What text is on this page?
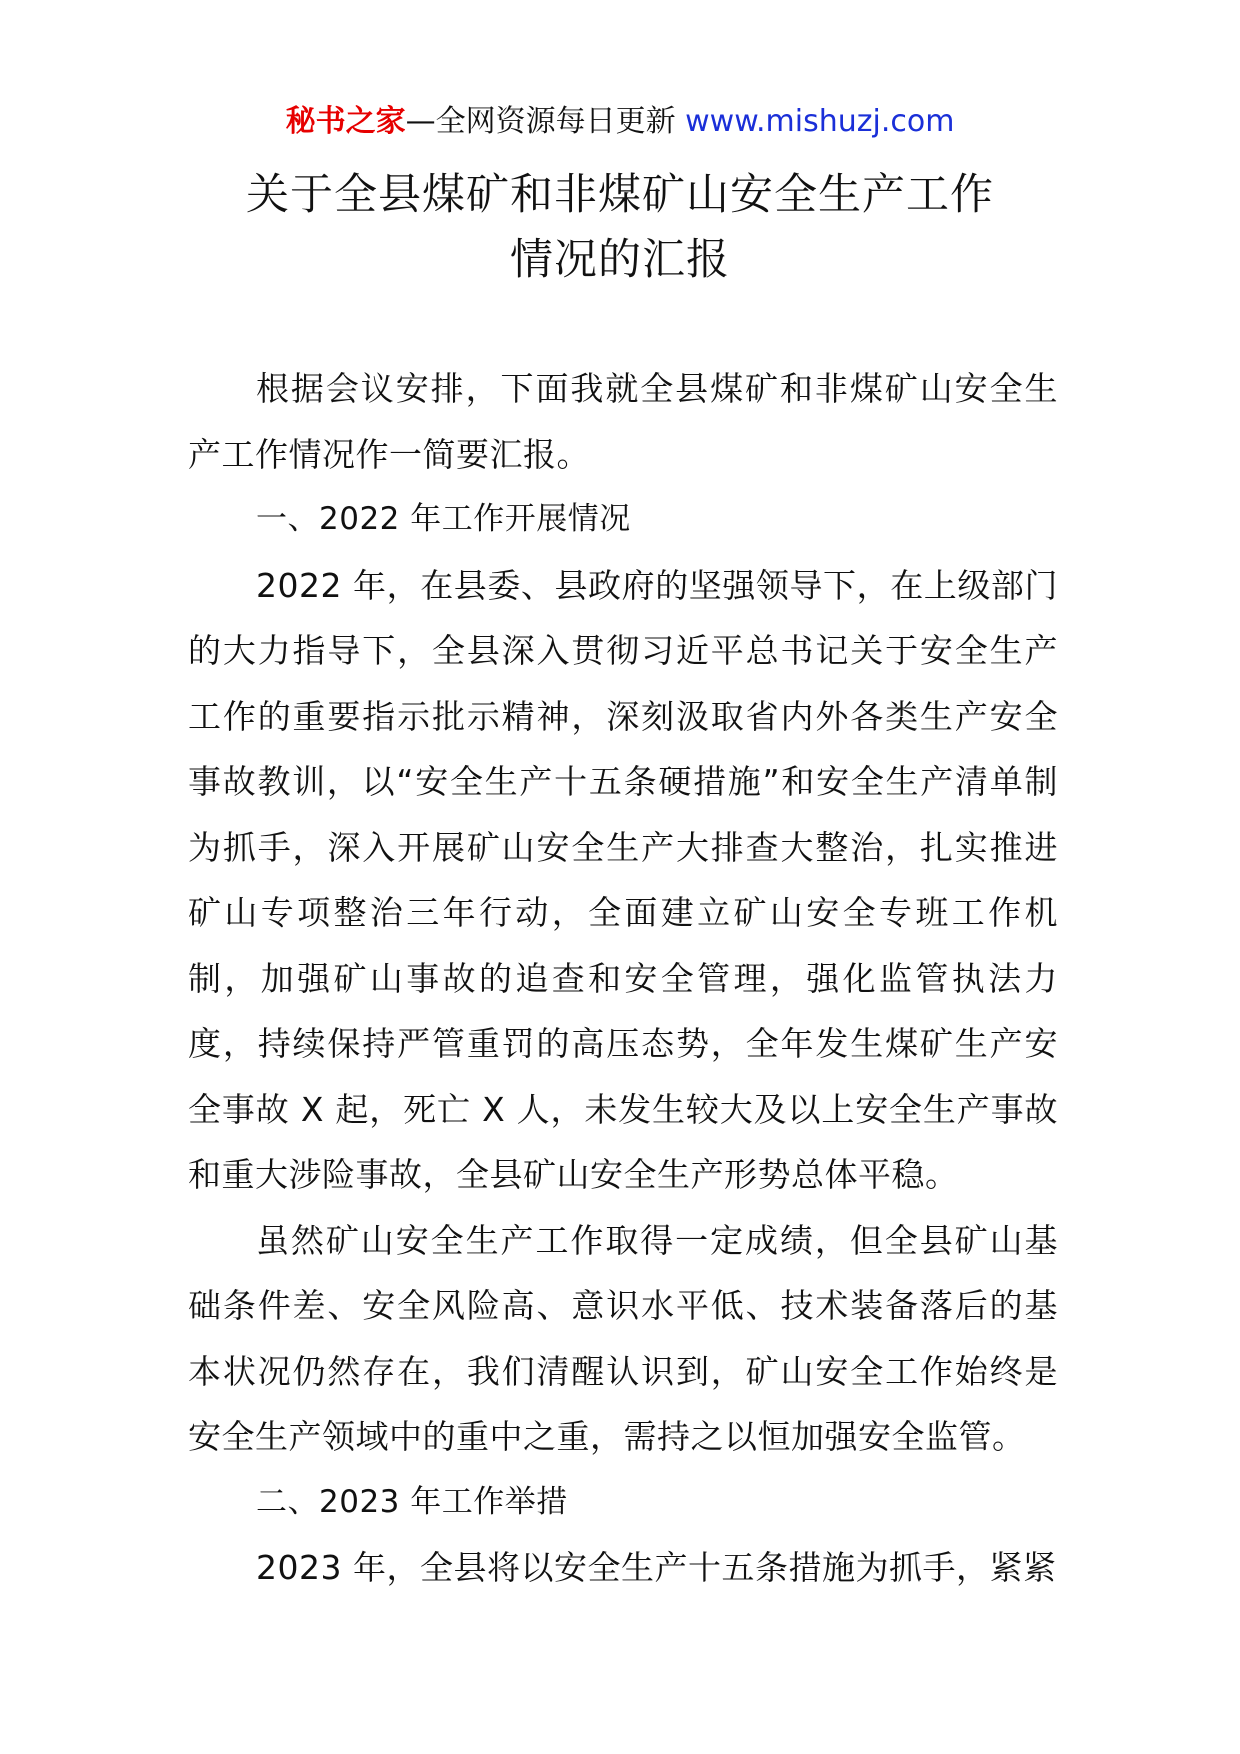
秘书之家—全网资源每日更新 www.mishuzj.com
关于全县煤矿和非煤矿山安全生产工作
情况的汇报

根据会议安排，下面我就全县煤矿和非煤矿山安全生产工作情况作一简要汇报。

一、2022 年工作开展情况

2022 年，在县委、县政府的坚强领导下，在上级部门的大力指导下，全县深入贯彻习近平总书记关于安全生产工作的重要指示批示精神，深刻汲取省内外各类生产安全事故教训，以“安全生产十五条硬措施”和安全生产清单制为抓手，深入开展矿山安全生产大排查大整治，扎实推进矿山专项整治三年行动，全面建立矿山安全专班工作机制，加强矿山事故的追查和安全管理，强化监管执法力度，持续保持严管重罚的高压态势，全年发生煤矿生产安全事故 X 起，死亡 X 人，未发生较大及以上安全生产事故和重大涉险事故，全县矿山安全生产形势总体平稳。

虽然矿山安全生产工作取得一定成绩，但全县矿山基础条件差、安全风险高、意识水平低、技术装备落后的基本状况仍然存在，我们清醒认识到，矿山安全工作始终是安全生产领域中的重中之重，需持之以恒加强安全监管。

二、2023 年工作举措

2023 年，全县将以安全生产十五条措施为抓手，紧紧
